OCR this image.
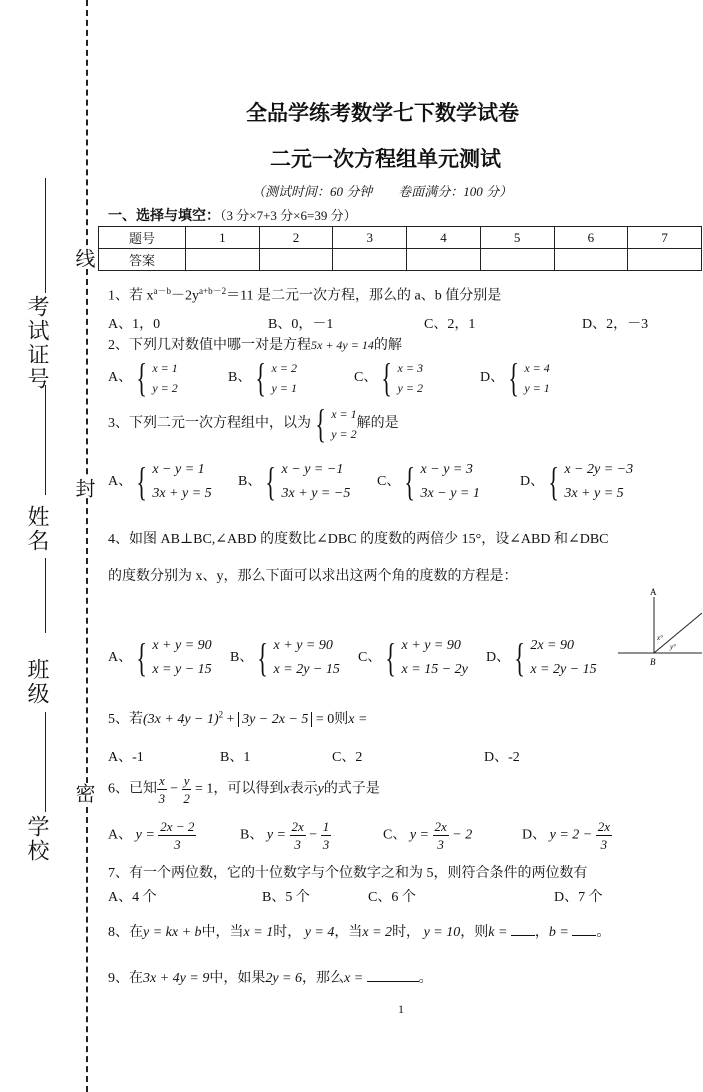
考试证号
姓名
班级
学校
线
封
密
全品学练考数学七下数学试卷
二元一次方程组单元测试
（测试时间：60 分钟　　卷面满分：100 分）
一、选择与填空：（3 分×7+3 分×6=39 分）
题号	1	2	3	4	5	6	7
答案							
1、若 $x^{a-b}-2y^{a+b-2}=11$ 是二元一次方程，那么的 a、b 值分别是
A、1，0	B、0，－1	C、2，1	D、2，－3
2、下列几对数值中哪一对是方程5x + 4y = 14的解
A、 { x = 1
y = 2
B、 { x = 2
y = 1
C、 { x = 3
y = 2
D、 { x = 4
y = 1
3、下列二元一次方程组中，以为 { x = 1
y = 2
解的是
A、 { x − y = 1
3x + y = 5
B、 { x − y = −1
3x + y = −5
C、 { x − y = 3
3x − y = 1
D、 { x − 2y = −3
3x + y = 5
4、如图 AB⊥BC,∠ABD 的度数比∠DBC 的度数的两倍少 15°，设∠ABD 和∠DBC
的度数分别为 x、y，那么下面可以求出这两个角的度数的方程是：
A
B
x°
y°
A、 { x + y = 90
x = y − 15
B、 { x + y = 90
x = 2y − 15
C、 { x + y = 90
x = 15 − 2y
D、 { 2x = 90
x = 2y − 15
5、若$(3x + 4y - 1)^2 + 3y - 2x - 5 = 0$则x =
A、-1	B、1	C、2	D、-2
6、已知 $\frac{x}{3} - \frac{y}{2} = 1$，可以得到x表示y的式子是
A、 $y = \frac{2x - 2}{3}$	B、 $y = \frac{2x}{3} - \frac{1}{3}$	C、 $y = \frac{2x}{3} - 2$	D、 $y = 2 - \frac{2x}{3}$
7、有一个两位数，它的十位数字与个位数字之和为 5，则符合条件的两位数有
A、4 个	B、5 个	C、6 个	D、7 个
8、在y = kx + b中，当x = 1时， y = 4，当x = 2时， y = 10，则k = ，b = 。
9、在3x + 4y = 9中，如果2y = 6，那么x =	。
1
